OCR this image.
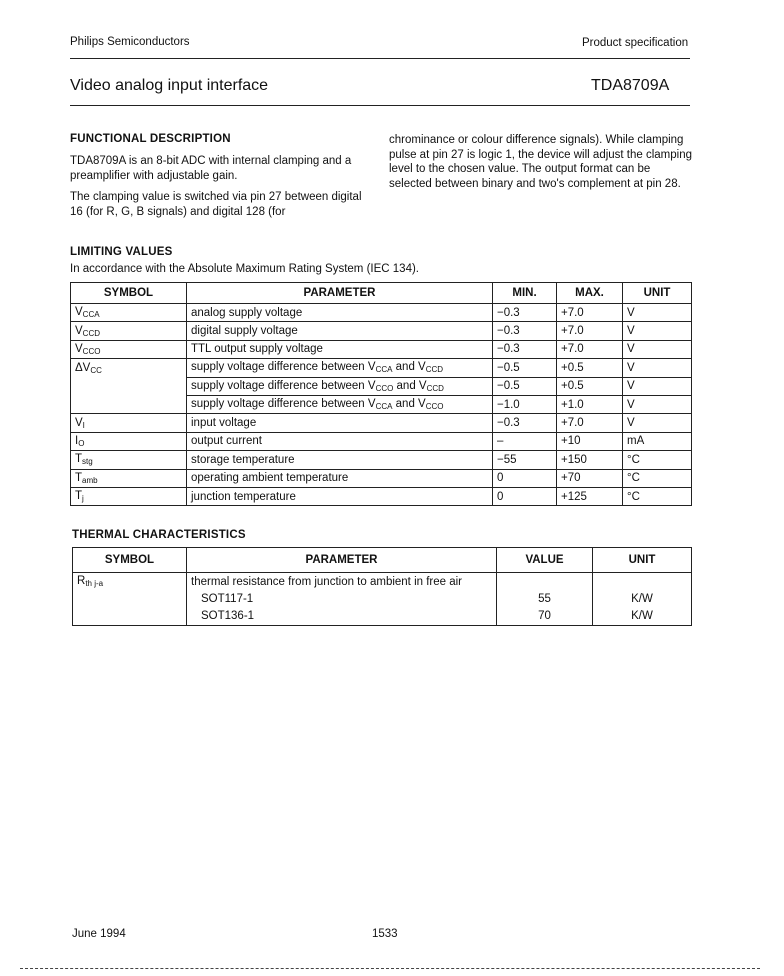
Philips Semiconductors	Product specification
Video analog input interface	TDA8709A
FUNCTIONAL DESCRIPTION

TDA8709A is an 8-bit ADC with internal clamping and a preamplifier with adjustable gain.

The clamping value is switched via pin 27 between digital 16 (for R, G, B signals) and digital 128 (for

chrominance or colour difference signals). While clamping pulse at pin 27 is logic 1, the device will adjust the clamping level to the chosen value. The output format can be selected between binary and two's complement at pin 28.

LIMITING VALUES
In accordance with the Absolute Maximum Rating System (IEC 134).
SYMBOL	PARAMETER	MIN.	MAX.	UNIT
$V_{CCA}$	analog supply voltage	−0.3	+7.0	V
$V_{CCD}$	digital supply voltage	−0.3	+7.0	V
$V_{CCO}$	TTL output supply voltage	−0.3	+7.0	V
$\Delta V_{CC}$	supply voltage difference between $V_{CCA}$ and $V_{CCD}$	−0.5	+0.5	V
	supply voltage difference between $V_{CCO}$ and $V_{CCD}$	−0.5	+0.5	V
	supply voltage difference between $V_{CCA}$ and $V_{CCO}$	−1.0	+1.0	V
$V_I$	input voltage	−0.3	+7.0	V
$I_O$	output current	–	+10	mA
$T_{stg}$	storage temperature	−55	+150	°C
$T_{amb}$	operating ambient temperature	0	+70	°C
$T_j$	junction temperature	0	+125	°C
THERMAL CHARACTERISTICS
SYMBOL	PARAMETER	VALUE	UNIT
$R_{th j-a}$	thermal resistance from junction to ambient in free air		
	SOT117-1	55	K/W
	SOT136-1	70	K/W
June 1994	1533
